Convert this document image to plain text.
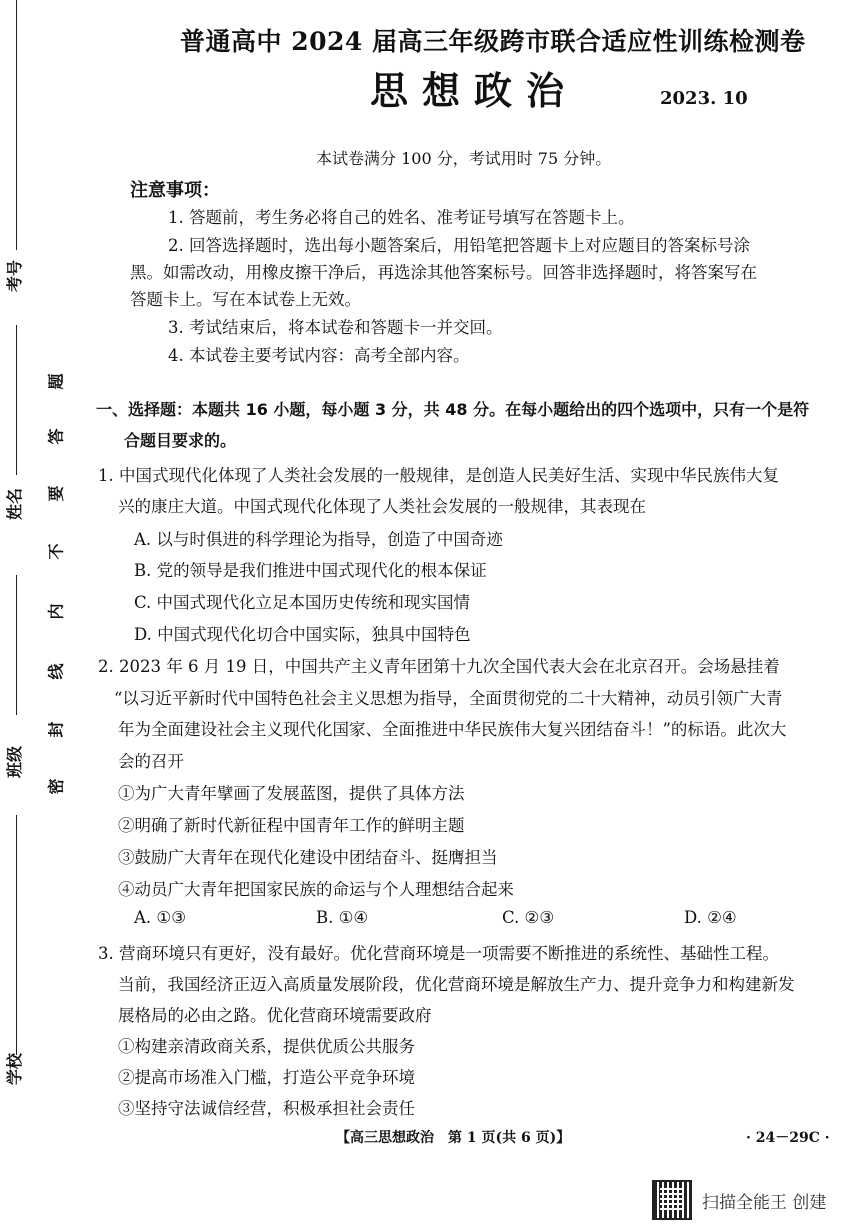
考号
姓名
班级
学校
题
答
要
不
内
线
封
密
普通高中 2024 届高三年级跨市联合适应性训练检测卷
思想政治	2023. 10
本试卷满分 100 分，考试用时 75 分钟。
注意事项：
1. 答题前，考生务必将自己的姓名、准考证号填写在答题卡上。
2. 回答选择题时，选出每小题答案后，用铅笔把答题卡上对应题目的答案标号涂
黑。如需改动，用橡皮擦干净后，再选涂其他答案标号。回答非选择题时，将答案写在
答题卡上。写在本试卷上无效。
3. 考试结束后，将本试卷和答题卡一并交回。
4. 本试卷主要考试内容：高考全部内容。
一、选择题：本题共 16 小题，每小题 3 分，共 48 分。在每小题给出的四个选项中，只有一个是符
合题目要求的。
1. 中国式现代化体现了人类社会发展的一般规律，是创造人民美好生活、实现中华民族伟大复
兴的康庄大道。中国式现代化体现了人类社会发展的一般规律，其表现在
A. 以与时俱进的科学理论为指导，创造了中国奇迹
B. 党的领导是我们推进中国式现代化的根本保证
C. 中国式现代化立足本国历史传统和现实国情
D. 中国式现代化切合中国实际，独具中国特色
2. 2023 年 6 月 19 日，中国共产主义青年团第十九次全国代表大会在北京召开。会场悬挂着
“以习近平新时代中国特色社会主义思想为指导，全面贯彻党的二十大精神，动员引领广大青
年为全面建设社会主义现代化国家、全面推进中华民族伟大复兴团结奋斗！”的标语。此次大
会的召开
①为广大青年擘画了发展蓝图，提供了具体方法
②明确了新时代新征程中国青年工作的鲜明主题
③鼓励广大青年在现代化建设中团结奋斗、挺膺担当
④动员广大青年把国家民族的命运与个人理想结合起来
A. ①③	B. ①④	C. ②③	D. ②④
3. 营商环境只有更好，没有最好。优化营商环境是一项需要不断推进的系统性、基础性工程。
当前，我国经济正迈入高质量发展阶段，优化营商环境是解放生产力、提升竞争力和构建新发
展格局的必由之路。优化营商环境需要政府
①构建亲清政商关系，提供优质公共服务
②提高市场准入门槛，打造公平竞争环境
③坚持守法诚信经营，积极承担社会责任
【高三思想政治　第 1 页(共 6 页)】	· 24－29C ·
扫描全能王 创建
